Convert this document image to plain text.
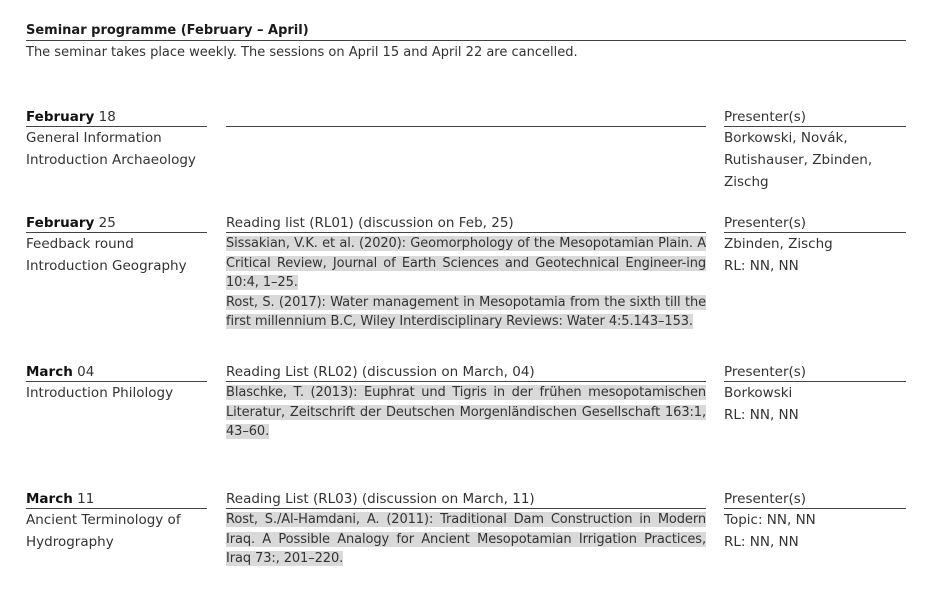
Seminar programme (February – April)
The seminar takes place weekly. The sessions on April 15 and April 22 are cancelled.
February 18
General Information
Introduction Archaeology
Presenter(s)
Borkowski, Novák,
Rutishauser, Zbinden,
Zischg
February 25
Feedback round
Introduction Geography
Reading list (RL01) (discussion on Feb, 25)
Sissakian, V.K. et al. (2020): Geomorphology of the Mesopotamian Plain. A Critical Review, Journal of Earth Sciences and Geotechnical Engineer-ing 10:4, 1–25.
Rost, S. (2017): Water management in Mesopotamia from the sixth till the first millennium B.C, Wiley Interdisciplinary Reviews: Water 4:5.143–153.
Presenter(s)
Zbinden, Zischg
RL: NN, NN
March 04
Introduction Philology
Reading List (RL02) (discussion on March, 04)
Blaschke, T. (2013): Euphrat und Tigris in der frühen mesopotamischen Literatur, Zeitschrift der Deutschen Morgenländischen Gesellschaft 163:1, 43–60.
Presenter(s)
Borkowski
RL: NN, NN
March 11
Ancient Terminology of
Hydrography
Reading List (RL03) (discussion on March, 11)
Rost, S./Al-Hamdani, A. (2011): Traditional Dam Construction in Modern Iraq. A Possible Analogy for Ancient Mesopotamian Irrigation Practices, Iraq 73:, 201–220.
Presenter(s)
Topic: NN, NN
RL: NN, NN
